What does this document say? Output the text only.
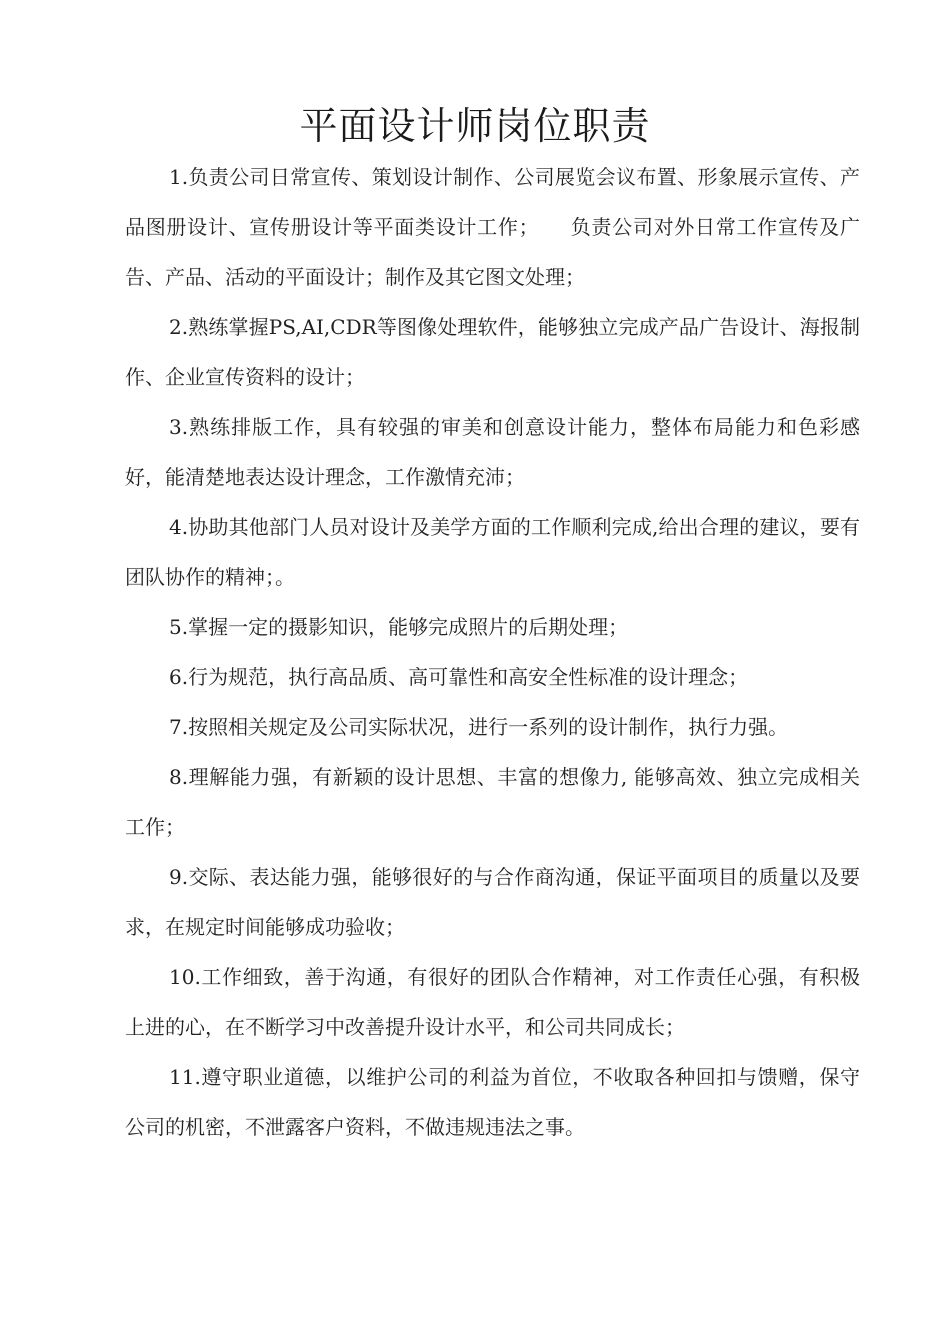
平面设计师岗位职责

1.负责公司日常宣传、策划设计制作、公司展览会议布置、形象展示宣传、产品图册设计、宣传册设计等平面类设计工作；　　负责公司对外日常工作宣传及广告、产品、活动的平面设计；制作及其它图文处理；

2.熟练掌握PS,AI,CDR等图像处理软件，能够独立完成产品广告设计、海报制作、企业宣传资料的设计；

3.熟练排版工作，具有较强的审美和创意设计能力，整体布局能力和色彩感好，能清楚地表达设计理念，工作激情充沛；

4.协助其他部门人员对设计及美学方面的工作顺利完成,给出合理的建议，要有团队协作的精神；。

5.掌握一定的摄影知识，能够完成照片的后期处理；

6.行为规范，执行高品质、高可靠性和高安全性标准的设计理念；

7.按照相关规定及公司实际状况，进行一系列的设计制作，执行力强。

8.理解能力强，有新颖的设计思想、丰富的想像力, 能够高效、独立完成相关工作；

9.交际、表达能力强，能够很好的与合作商沟通，保证平面项目的质量以及要求，在规定时间能够成功验收；

10.工作细致，善于沟通，有很好的团队合作精神，对工作责任心强，有积极上进的心，在不断学习中改善提升设计水平，和公司共同成长；

11.遵守职业道德，以维护公司的利益为首位，不收取各种回扣与馈赠，保守公司的机密，不泄露客户资料，不做违规违法之事。
